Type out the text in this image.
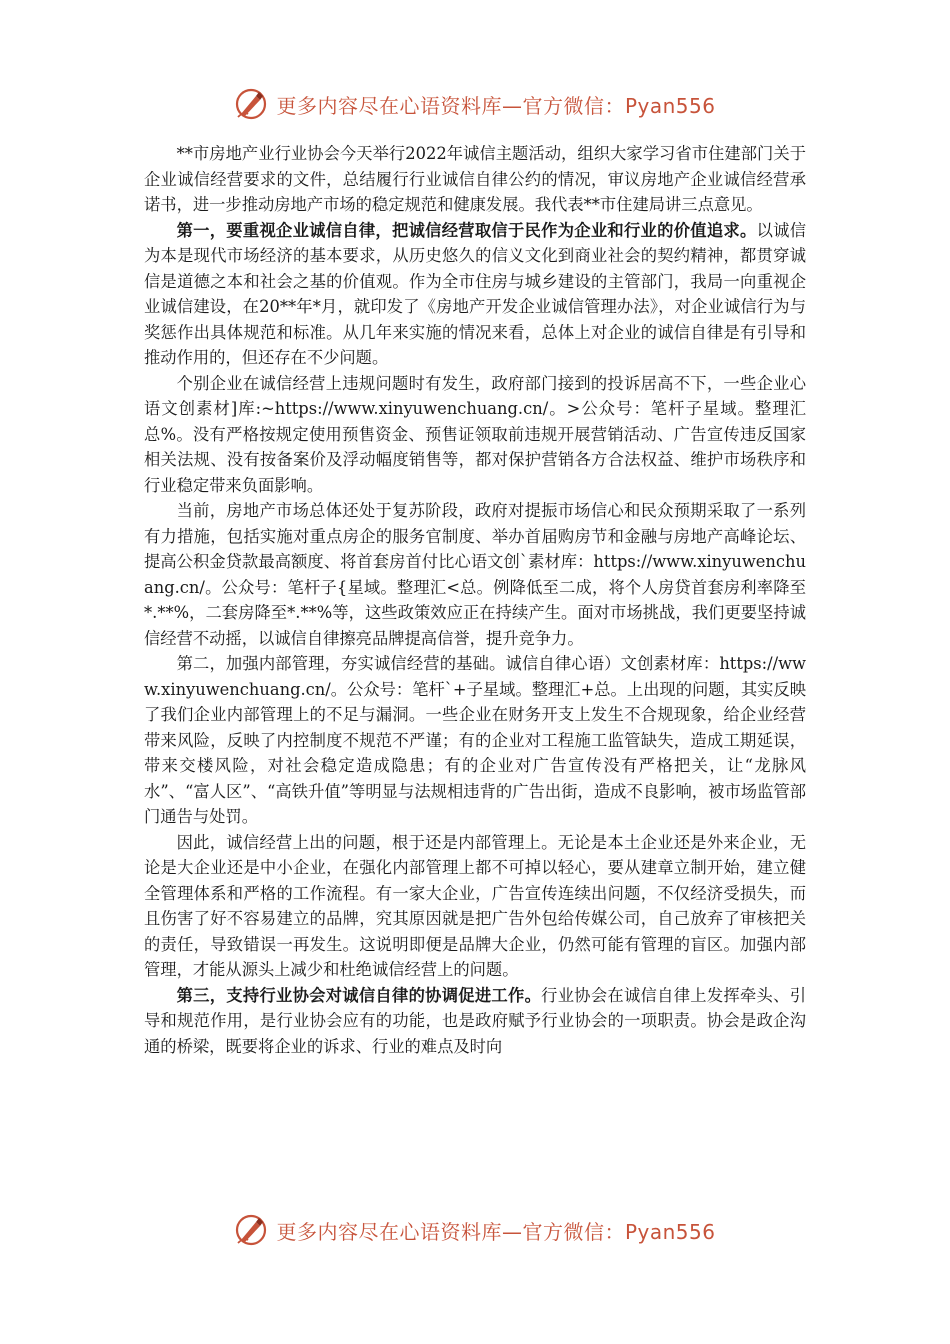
更多内容尽在心语资料库—官方微信：Pyan556

**市房地产业行业协会今天举行2022年诚信主题活动，组织大家学习省市住建部门关于企业诚信经营要求的文件，总结履行行业诚信自律公约的情况，审议房地产企业诚信经营承诺书，进一步推动房地产市场的稳定规范和健康发展。我代表**市住建局讲三点意见。

第一，要重视企业诚信自律，把诚信经营取信于民作为企业和行业的价值追求。以诚信为本是现代市场经济的基本要求，从历史悠久的信义文化到商业社会的契约精神，都贯穿诚信是道德之本和社会之基的价值观。作为全市住房与城乡建设的主管部门，我局一向重视企业诚信建设，在20**年*月，就印发了《房地产开发企业诚信管理办法》，对企业诚信行为与奖惩作出具体规范和标准。从几年来实施的情况来看，总体上对企业的诚信自律是有引导和推动作用的，但还存在不少问题。

个别企业在诚信经营上违规问题时有发生，政府部门接到的投诉居高不下，一些企业心语文创素材]库:~https://www.xinyuwenchuang.cn/。>公众号：笔杆子星域。整理汇总%。没有严格按规定使用预售资金、预售证领取前违规开展营销活动、广告宣传违反国家相关法规、没有按备案价及浮动幅度销售等，都对保护营销各方合法权益、维护市场秩序和行业稳定带来负面影响。

当前，房地产市场总体还处于复苏阶段，政府对提振市场信心和民众预期采取了一系列有力措施，包括实施对重点房企的服务官制度、举办首届购房节和金融与房地产高峰论坛、提高公积金贷款最高额度、将首套房首付比心语文创`素材库：https://www.xinyuwenchuang.cn/。公众号：笔杆子{星域。整理汇<总。例降低至二成，将个人房贷首套房利率降至*.**%，二套房降至*.**%等，这些政策效应正在持续产生。面对市场挑战，我们更要坚持诚信经营不动摇，以诚信自律擦亮品牌提高信誉，提升竞争力。

第二，加强内部管理，夯实诚信经营的基础。诚信自律心语）文创素材库：https://www.xinyuwenchuang.cn/。公众号：笔杆`+子星域。整理汇+总。上出现的问题，其实反映了我们企业内部管理上的不足与漏洞。一些企业在财务开支上发生不合规现象，给企业经营带来风险，反映了内控制度不规范不严谨；有的企业对工程施工监管缺失，造成工期延误，带来交楼风险，对社会稳定造成隐患；有的企业对广告宣传没有严格把关，让“龙脉风水”、“富人区”、“高铁升值”等明显与法规相违背的广告出街，造成不良影响，被市场监管部门通告与处罚。

因此，诚信经营上出的问题，根于还是内部管理上。无论是本土企业还是外来企业，无论是大企业还是中小企业，在强化内部管理上都不可掉以轻心，要从建章立制开始，建立健全管理体系和严格的工作流程。有一家大企业，广告宣传连续出问题，不仅经济受损失，而且伤害了好不容易建立的品牌，究其原因就是把广告外包给传媒公司，自己放弃了审核把关的责任，导致错误一再发生。这说明即便是品牌大企业，仍然可能有管理的盲区。加强内部管理，才能从源头上减少和杜绝诚信经营上的问题。

第三，支持行业协会对诚信自律的协调促进工作。行业协会在诚信自律上发挥牵头、引导和规范作用，是行业协会应有的功能，也是政府赋予行业协会的一项职责。协会是政企沟通的桥梁，既要将企业的诉求、行业的难点及时向

更多内容尽在心语资料库—官方微信：Pyan556
